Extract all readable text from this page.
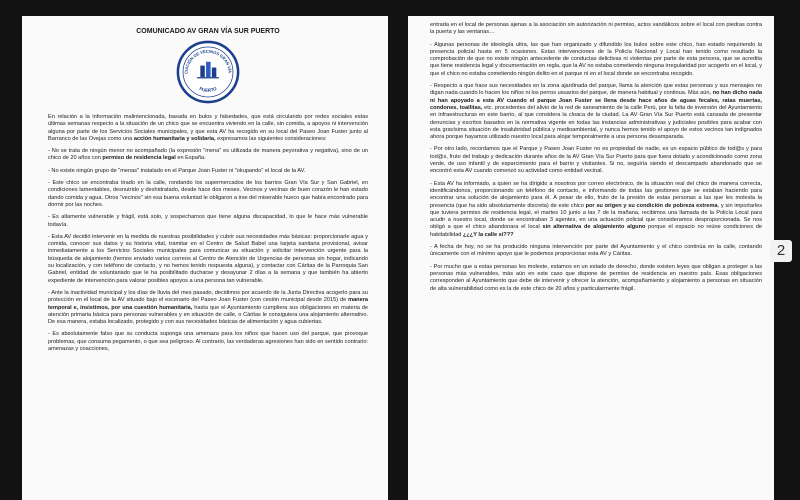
COMUNICADO AV GRAN VÍA SUR PUERTO
CIACIÓN DE VECINOS GRAN VÍA
PUERTO

En relación a la información malintencionada, basada en bulos y falsedades, que está circulando por redes sociales estas últimas semanas respecto a la situación de un chico que se encuentra viviendo en la calle, sin comida, a apoyos ni intervención alguna por parte de los Servicios Sociales municipales, y que esta AV ha recogido en su local del Paseo Joan Fuster junto al Barranco de las Ovejas como una acción humanitaria y solidaria, expresamos las siguientes consideraciones:

- No se trata de ningún menor no acompañado (la expresión "mena" es utilizada de manera peyorativa y negativa), sino de un chico de 20 años con permiso de residencia legal en España.

- No existe ningún grupo de "menas" instalado en el Parque Joan Fuster ni "okupando" el local de la AV.

- Este chico se encontraba tirado en la calle, rondando los supermercados de los barrios Gran Vía Sur y San Gabriel, en condiciones lamentables, desnutrido y deshidratado, desde hace dos meses. Vecinos y vecinas de buen corazón le han estado dando comida y agua. Otros "vecinos" sin esa buena voluntad le obligaron a irse del miserable hueco que había encontrado para dormir por las noches.

- Es altamente vulnerable y frágil, está solo, y sospechamos que tiene alguna discapacidad, lo que le hace más vulnerable todavía.

- Esta AV decidió intervenir en la medida de nuestras posibilidades y cubrir sus necesidades más básicas: proporcionarle agua y comida, conocer sus datos y su historia vital, tramitar en el Centro de Salud Babel una tarjeta sanitaria provisional, avisar inmediatamente a los Servicios Sociales municipales para comunicar su situación y solicitar intervención urgente para la búsqueda de alojamiento (hemos enviado varios correos al Centro de Atención de Urgencias de personas sin hogar, indicando su localización, y con teléfono de contacto, y no hemos tenido respuesta alguna), y contactar con Cáritas de la Parroquia San Gabriel, entidad de voluntariado que le ha posibilitado ducharse y desayunar 2 días a la semana y que también ha abierto expediente de intervención para valorar posibles apoyos a una persona tan vulnerable.

- Ante la inactividad municipal y los días de lluvia del mes pasado, decidimos por acuerdo de la Junta Directiva acogerlo para su protección en el local de la AV situado bajo el escenario del Paseo Joan Fuster (con cesión municipal desde 2015) de manera temporal e, insistimos, por una cuestión humanitaria, hasta que el Ayuntamiento cumpliera sus obligaciones en materia de atención primaria básica para personas vulnerables y en situación de calle, o Cáritas le consiguiera una alojamiento alternativo. De esa manera, estaba localizado, protegido y con sus necesidades básicas de alimentación y agua cubiertas.

- Es absolutamente falso que su conducta suponga una amenaza para los niños que hacen uso del parque, que provoque problemas, que consuma pegamento, o que sea peligroso. Al contrario, las verdaderas agresiones han sido en sentido contrario: amenazas y coacciones,

entrada en el local de personas ajenas a la asociación sin autorización ni permiso, actos vandálicos sobre el local con piedras contra la puerta y las ventanas…

- Algunas personas de ideología ultra, las que han organizado y difundido los bulos sobre este chico, han estado requiriendo la presencia policial hasta en 5 ocasiones. Estas intervenciones de la Policía Nacional y Local han tenido como resultado la comprobación de que no existe ningún antecedente de conductas delictivas ni violentas por parte de esta persona, que se acredita que tiene residencia legal y documentación en regla, que la AV no estaba cometiendo ninguna irregularidad por acogerlo en el local, y que el chico no estaba cometiendo ningún delito en el parque ni en el local donde se encontraba recogido.

- Respecto a que hace sus necesidades en la zona ajardinada del parque, llama la atención que estas personas y sus mensajes no digan nada cuando lo hacen los niños ni los perros usuarios del parque, de manera habitual y continua. Más aún, no han dicho nada ni han apoyado a esta AV cuando el parque Joan Fuster se llena desde hace años de aguas fecales, ratas muertas, condones, toallitas, etc. procedentes del alivio de la red de saneamiento de la calle Perú, por la falta de inversión del Ayuntamiento en infraestructuras en este barrio, al que considera la cloaca de la ciudad. La AV Gran Vía Sur Puerto está cansada de presentar denuncias y escritos basados en la normativa vigente en todas las instancias administrativas y judiciales posibles para acabar con esta gravísima situación de insalubridad pública y medioambiental, y nunca hemos tenido el apoyo de estos vecinos tan indignados ahora porque hayamos utilizado nuestro local para alojar temporalmente a una persona desamparada.

- Por otro lado, recordamos que el Parque y Paseo Joan Fuster no es propiedad de nadie, es un espacio público de tod@s y para tod@s, fruto del trabajo y dedicación durante años de la AV Gran Vía Sur Puerto para que fuera dotado y acondicionado como zona verde, de uso infantil y de esparcimiento para el barrio y visitantes. Si no, seguiría siendo el descampado abandonado que se encontró esta AV cuando comenzó su actividad como entidad vecinal.

- Esta AV ha informado, a quien se ha dirigido a nosotros por correo electrónico, de la situación real del chico de manera correcta, identificándonos, proporcionando un teléfono de contacto, e informando de todas las gestiones que se estaban haciendo para encontrar una solución de alojamiento para él. A pesar de ello, fruto de la presión de estas personas a las que les molesta la presencia (que ha sido absolutamente discreta) de este chico por su origen y su condición de pobreza extrema, y sin importarles que tuviera permiso de residencia legal, el martes 10 junio a las 7 de la mañana, recibimos una llamada de la Policía Local para acudir a nuestro local, donde se encontraban 3 agentes, en una actuación policial que consideramos desproporcionada. Se nos obligó a que el chico abandonara el local sin alternativa de alojamiento alguno porque el espacio no reúne condiciones de habitabilidad ¿¿¿Y la calle sí???

- A fecha de hoy, no se ha producido ninguna intervención por parte del Ayuntamiento y el chico continúa en la calle, contando únicamente con el mínimo apoyo que le podemos proporcionar esta AV y Cáritas.

- Por mucho que a estas personas les moleste, estamos en un estado de derecho, donde existen leyes que obligan a proteger a las personas más vulnerables, más aún en este caso que dispone de permiso de residencia en nuestro país. Esas obligaciones corresponden al Ayuntamiento que debe de intervenir y ofrecer la atención, acompañamiento y alojamiento a personas en situación de alta vulnerabilidad como es la de este chico de 20 años y particularmente frágil.

2
